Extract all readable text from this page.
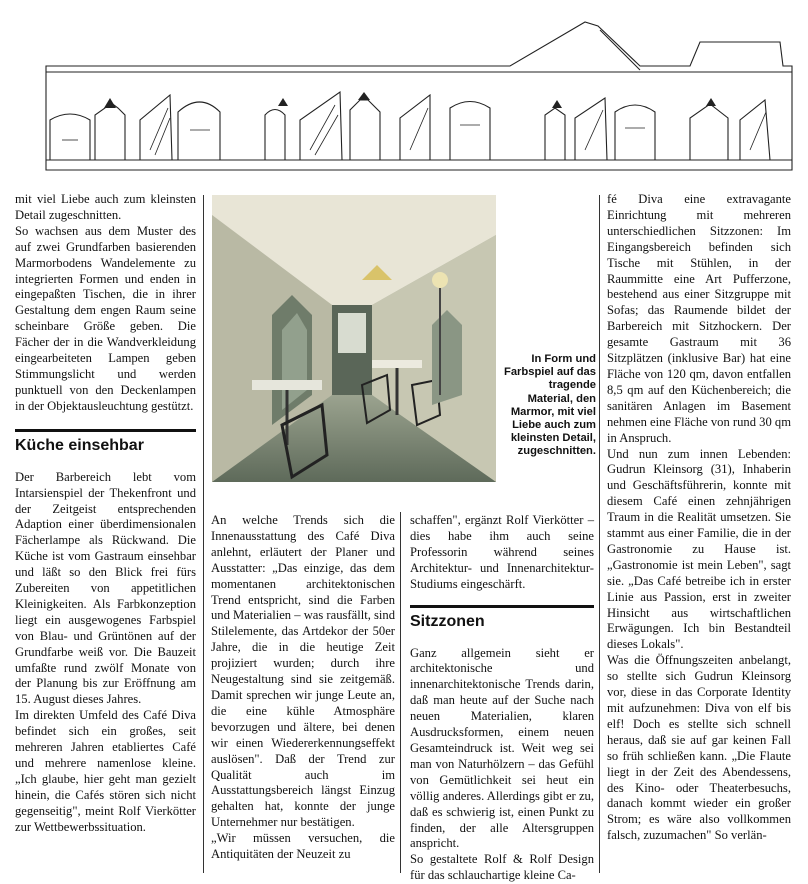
mit viel Liebe auch zum kleinsten Detail zugeschnitten.

So wachsen aus dem Muster des auf zwei Grundfarben basierenden Marmorbodens Wandelemente zu integrierten Formen und enden in eingepaßten Tischen, die in ihrer Gestaltung dem engen Raum seine scheinbare Größe geben. Die Fächer der in die Wandverkleidung eingearbeiteten Lampen geben Stimmungslicht und werden punktuell von den Deckenlampen in der Objektausleuchtung gestützt.

Küche einsehbar

Der Barbereich lebt vom Intarsienspiel der Thekenfront und der Zeitgeist entsprechenden Adaption einer überdimensionalen Fächerlampe als Rückwand. Die Küche ist vom Gastraum einsehbar und läßt so den Blick frei fürs Zubereiten von appetitlichen Kleinigkeiten. Als Farbkonzeption liegt ein ausgewogenes Farbspiel von Blau- und Grüntönen auf der Grundfarbe weiß vor. Die Bauzeit umfaßte rund zwölf Monate von der Planung bis zur Eröffnung am 15. August dieses Jahres.

Im direkten Umfeld des Café Diva befindet sich ein großes, seit mehreren Jahren etabliertes Café und mehrere namenlose kleine. „Ich glaube, hier geht man gezielt hinein, die Cafés stören sich nicht gegenseitig", meint Rolf Vierkötter zur Wettbewerbssituation.

In Form und Farbspiel auf das tragende Material, den Marmor, mit viel Liebe auch zum kleinsten Detail, zugeschnitten.

An welche Trends sich die Innenausstattung des Café Diva anlehnt, erläutert der Planer und Ausstatter: „Das einzige, das dem momentanen architektonischen Trend entspricht, sind die Farben und Materialien – was rausfällt, sind Stilelemente, das Artdekor der 50er Jahre, die in die heutige Zeit projiziert wurden; durch ihre Neugestaltung sind sie zeitgemäß. Damit sprechen wir junge Leute an, die eine kühle Atmosphäre bevorzugen und ältere, bei denen wir einen Wiedererkennungseffekt auslösen". Daß der Trend zur Qualität auch im Ausstattungsbereich längst Einzug gehalten hat, konnte der junge Unternehmer nur bestätigen.

„Wir müssen versuchen, die Antiquitäten der Neuzeit zu

schaffen", ergänzt Rolf Vierkötter – dies habe ihm auch seine Professorin während seines Architektur- und Innenarchitektur-Studiums eingeschärft.

Sitzzonen

Ganz allgemein sieht er architektonische und innenarchitektonische Trends darin, daß man heute auf der Suche nach neuen Materialien, klaren Ausdrucksformen, einem neuen Gesamteindruck ist. Weit weg sei man von Naturhölzern – das Gefühl von Gemütlichkeit sei heut ein völlig anderes. Allerdings gibt er zu, daß es schwierig ist, einen Punkt zu finden, der alle Altersgruppen anspricht.

So gestaltete Rolf & Rolf Design für das schlauchartige kleine Ca-

fé Diva eine extravagante Einrichtung mit mehreren unterschiedlichen Sitzzonen: Im Eingangsbereich befinden sich Tische mit Stühlen, in der Raummitte eine Art Pufferzone, bestehend aus einer Sitzgruppe mit Sofas; das Raumende bildet der Barbereich mit Sitzhockern. Der gesamte Gastraum mit 36 Sitzplätzen (inklusive Bar) hat eine Fläche von 120 qm, davon entfallen 8,5 qm auf den Küchenbereich; die sanitären Anlagen im Basement nehmen eine Fläche von rund 30 qm in Anspruch.

Und nun zum innen Lebenden: Gudrun Kleinsorg (31), Inhaberin und Geschäftsführerin, konnte mit diesem Café einen zehnjährigen Traum in die Realität umsetzen. Sie stammt aus einer Familie, die in der Gastronomie zu Hause ist. „Gastronomie ist mein Leben", sagt sie. „Das Café betreibe ich in erster Linie aus Passion, erst in zweiter Hinsicht aus wirtschaftlichen Erwägungen. Ich bin Bestandteil dieses Lokals".

Was die Öffnungszeiten anbelangt, so stellte sich Gudrun Kleinsorg vor, diese in das Corporate Identity mit aufzunehmen: Diva von elf bis elf! Doch es stellte sich schnell heraus, daß sie auf gar keinen Fall so früh schließen kann. „Die Flaute liegt in der Zeit des Abendessens, des Kino- oder Theaterbesuchs, danach kommt wieder ein großer Strom; es wäre also vollkommen falsch, zuzumachen" So verlän-
